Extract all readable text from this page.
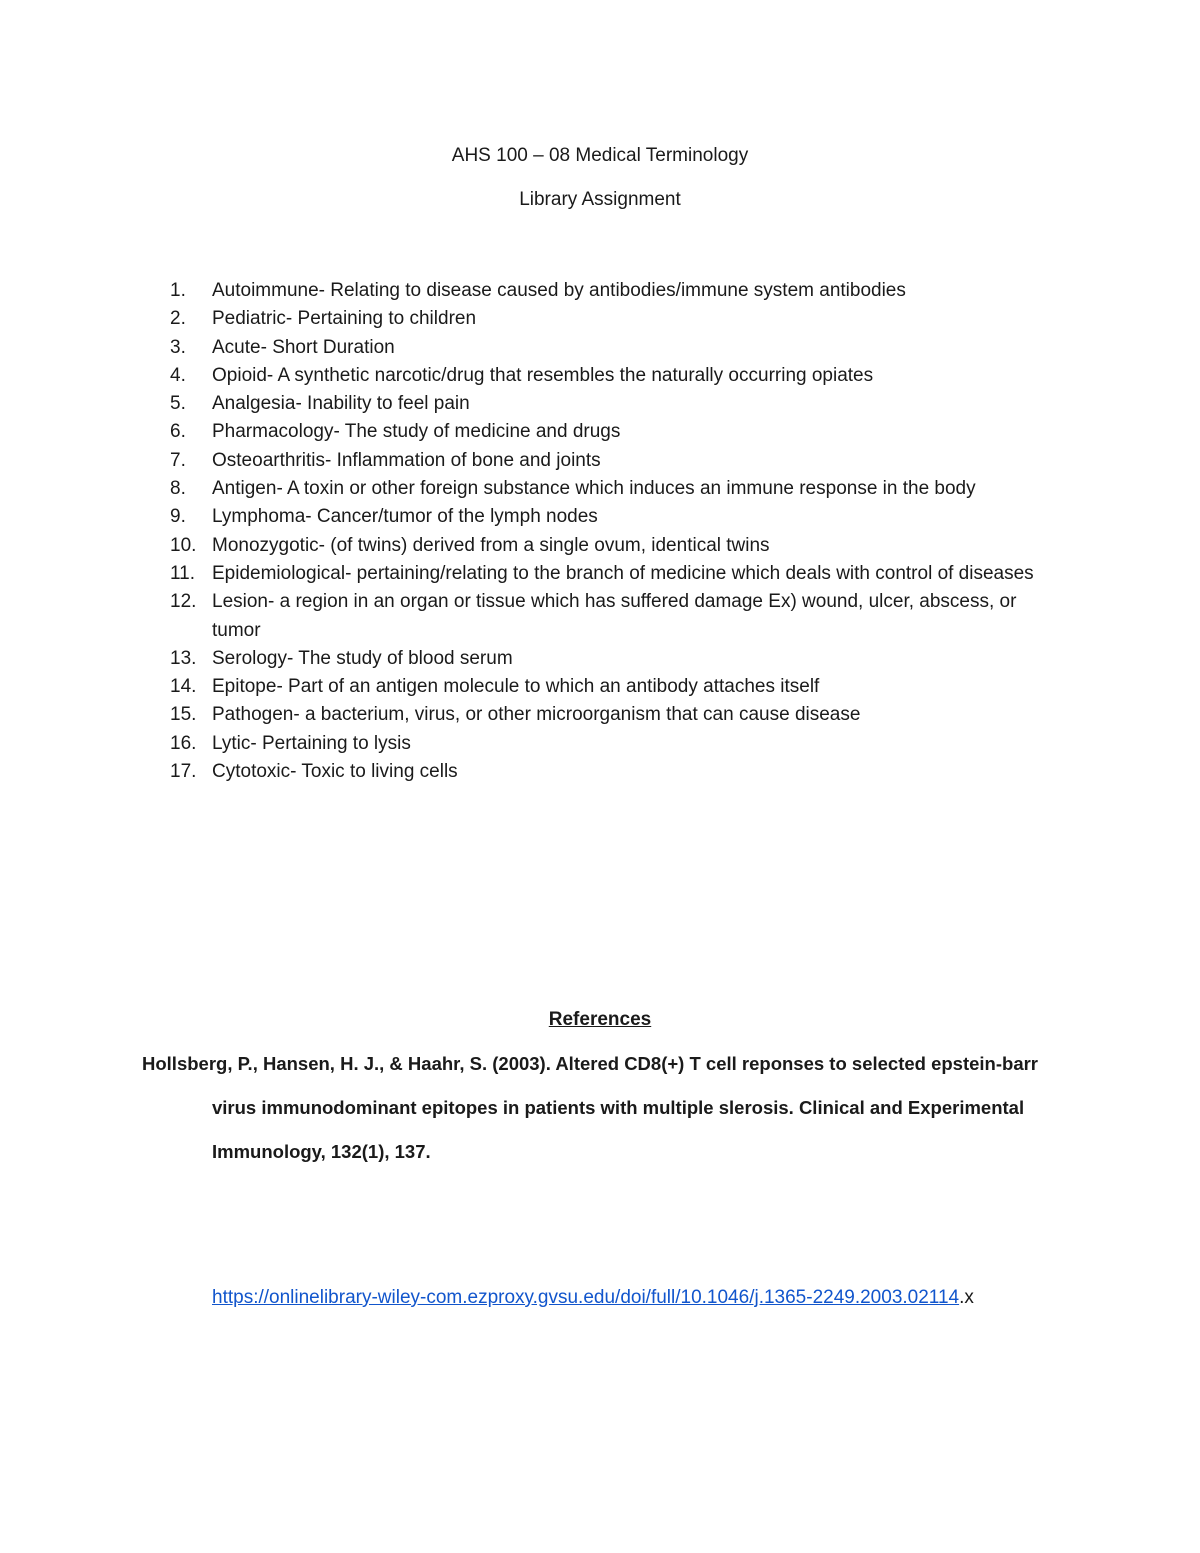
AHS 100 – 08 Medical Terminology
Library Assignment
1.	Autoimmune- Relating to disease caused by antibodies/immune system antibodies
2.	Pediatric- Pertaining to children
3.	Acute- Short Duration
4.	Opioid- A synthetic narcotic/drug that resembles the naturally occurring opiates
5.	Analgesia- Inability to feel pain
6.	Pharmacology- The study of medicine and drugs
7.	Osteoarthritis- Inflammation of bone and joints
8.	Antigen- A toxin or other foreign substance which induces an immune response in the body
9.	Lymphoma- Cancer/tumor of the lymph nodes
10. Monozygotic- (of twins) derived from a single ovum, identical twins
11. Epidemiological- pertaining/relating to the branch of medicine which deals with control of diseases
12. Lesion- a region in an organ or tissue which has suffered damage Ex) wound, ulcer, abscess, or tumor
13. Serology- The study of blood serum
14. Epitope- Part of an antigen molecule to which an antibody attaches itself
15. Pathogen- a bacterium, virus, or other microorganism that can cause disease
16. Lytic- Pertaining to lysis
17. Cytotoxic- Toxic to living cells
References
Hollsberg, P., Hansen, H. J., & Haahr, S. (2003). Altered CD8(+) T cell reponses to selected epstein-barr
virus immunodominant epitopes in patients with multiple slerosis. Clinical and Experimental
Immunology, 132(1), 137.
https://onlinelibrary-wiley-com.ezproxy.gvsu.edu/doi/full/10.1046/j.1365-2249.2003.02114.x
